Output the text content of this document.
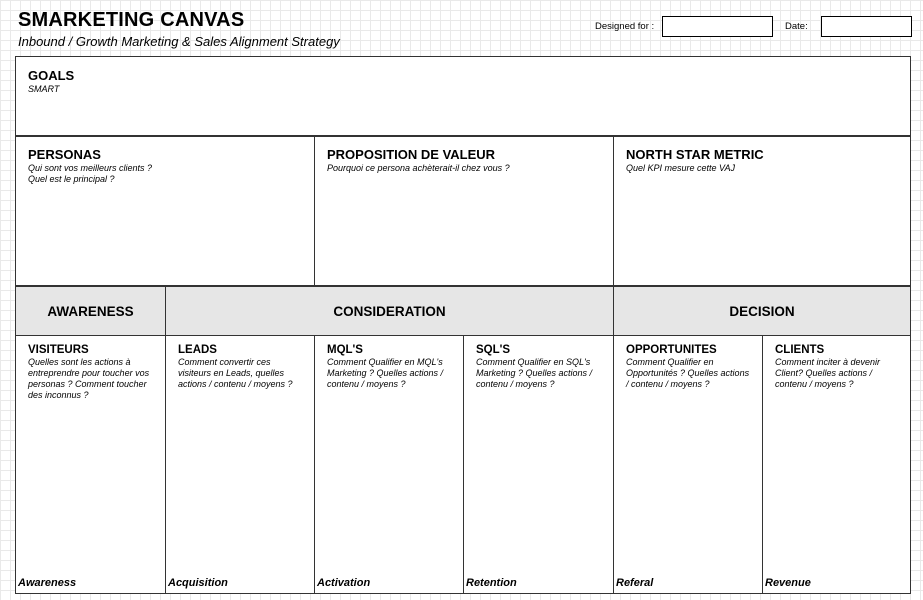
SMARKETING CANVAS
Inbound / Growth Marketing & Sales Alignment Strategy
Designed for :	Date:
GOALS
SMART
PERSONAS
Qui sont vos meilleurs clients ?
Quel est le principal ?
PROPOSITION DE VALEUR
Pourquoi ce persona achèterait-il chez vous ?
NORTH STAR METRIC
Quel KPI mesure cette VAJ
AWARENESS	CONSIDERATION	DECISION
VISITEURS
Quelles sont les actions à entreprendre pour toucher vos personas ? Comment toucher des inconnus ?
Awareness
LEADS
Comment convertir ces visiteurs en Leads, quelles actions / contenu / moyens ?
Acquisition
MQL'S
Comment Qualifier en MQL's Marketing ? Quelles actions / contenu / moyens ?
Activation
SQL'S
Comment Qualifier en SQL's Marketing ? Quelles actions / contenu / moyens ?
Retention
OPPORTUNITES
Comment Qualifier en Opportunités ? Quelles actions / contenu / moyens ?
Referal
CLIENTS
Comment inciter à devenir Client? Quelles actions / contenu / moyens ?
Revenue
